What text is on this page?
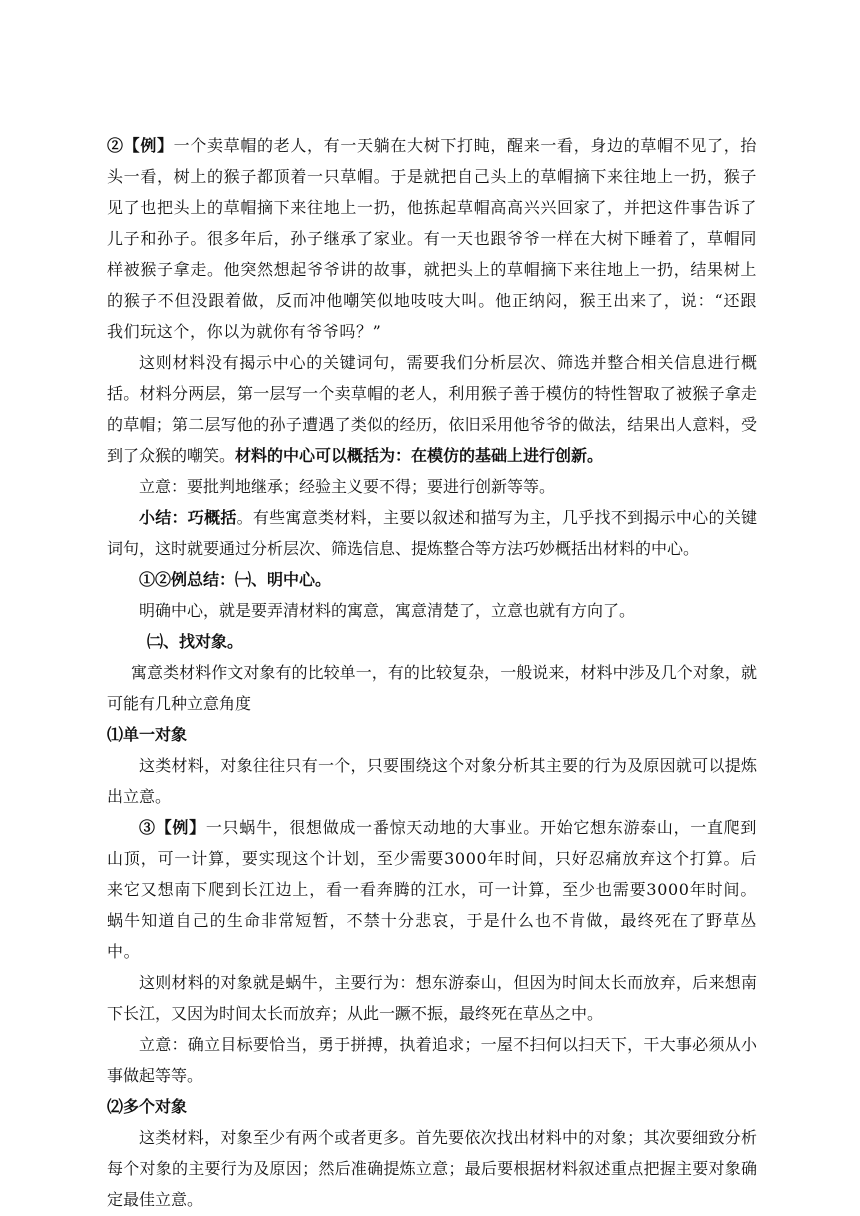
②【例】一个卖草帽的老人，有一天躺在大树下打盹，醒来一看，身边的草帽不见了，抬头一看，树上的猴子都顶着一只草帽。于是就把自己头上的草帽摘下来往地上一扔，猴子见了也把头上的草帽摘下来往地上一扔，他拣起草帽高高兴兴回家了，并把这件事告诉了儿子和孙子。很多年后，孙子继承了家业。有一天也跟爷爷一样在大树下睡着了，草帽同样被猴子拿走。他突然想起爷爷讲的故事，就把头上的草帽摘下来往地上一扔，结果树上的猴子不但没跟着做，反而冲他嘲笑似地吱吱大叫。他正纳闷，猴王出来了，说：“还跟我们玩这个，你以为就你有爷爷吗？”

这则材料没有揭示中心的关键词句，需要我们分析层次、筛选并整合相关信息进行概括。材料分两层，第一层写一个卖草帽的老人，利用猴子善于模仿的特性智取了被猴子拿走的草帽；第二层写他的孙子遭遇了类似的经历，依旧采用他爷爷的做法，结果出人意料，受到了众猴的嘲笑。材料的中心可以概括为：在模仿的基础上进行创新。

立意：要批判地继承；经验主义要不得；要进行创新等等。

小结：巧概括。有些寓意类材料，主要以叙述和描写为主，几乎找不到揭示中心的关键词句，这时就要通过分析层次、筛选信息、提炼整合等方法巧妙概括出材料的中心。

①②例总结：㈠、明中心。

明确中心，就是要弄清材料的寓意，寓意清楚了，立意也就有方向了。

㈡、找对象。

寓意类材料作文对象有的比较单一，有的比较复杂，一般说来，材料中涉及几个对象，就可能有几种立意角度

⑴单一对象

这类材料，对象往往只有一个，只要围绕这个对象分析其主要的行为及原因就可以提炼出立意。

③【例】一只蜗牛，很想做成一番惊天动地的大事业。开始它想东游泰山，一直爬到山顶，可一计算，要实现这个计划，至少需要3000年时间，只好忍痛放弃这个打算。后来它又想南下爬到长江边上，看一看奔腾的江水，可一计算，至少也需要3000年时间。蜗牛知道自己的生命非常短暂，不禁十分悲哀，于是什么也不肯做，最终死在了野草丛中。

这则材料的对象就是蜗牛，主要行为：想东游泰山，但因为时间太长而放弃，后来想南下长江，又因为时间太长而放弃；从此一蹶不振，最终死在草丛之中。

立意：确立目标要恰当，勇于拼搏，执着追求；一屋不扫何以扫天下，干大事必须从小事做起等等。

⑵多个对象

这类材料，对象至少有两个或者更多。首先要依次找出材料中的对象；其次要细致分析每个对象的主要行为及原因；然后准确提炼立意；最后要根据材料叙述重点把握主要对象确定最佳立意。
